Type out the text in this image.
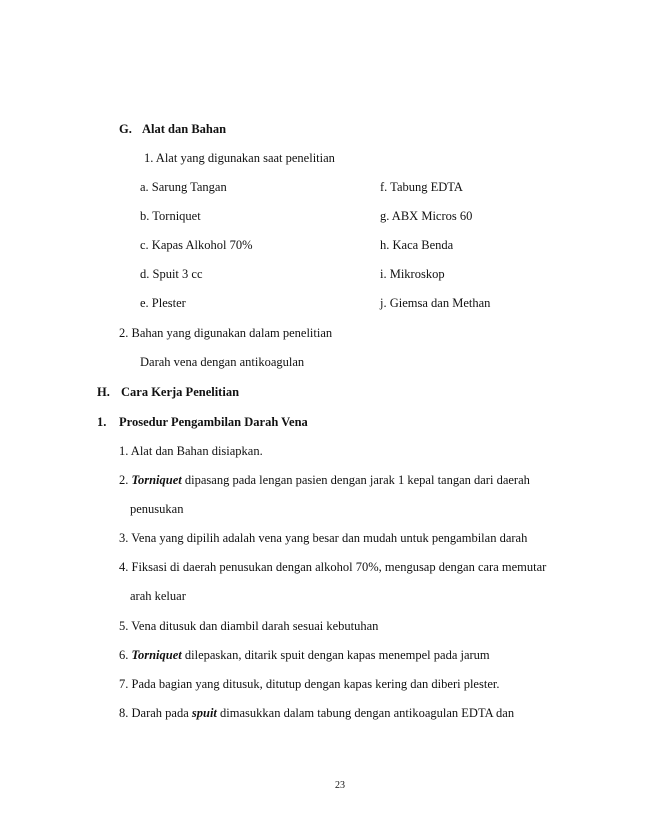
G. Alat dan Bahan
1. Alat yang digunakan saat penelitian
a. Sarung Tangan
b. Torniquet
c. Kapas Alkohol 70%
d. Spuit 3 cc
e. Plester
f. Tabung EDTA
g. ABX Micros 60
h. Kaca Benda
i. Mikroskop
j. Giemsa dan Methan
2. Bahan yang digunakan dalam penelitian
Darah vena dengan antikoagulan
H. Cara Kerja Penelitian
1. Prosedur Pengambilan Darah Vena
1. Alat dan Bahan disiapkan.
2. Torniquet dipasang pada lengan pasien dengan jarak 1 kepal tangan dari daerah
penusukan
3. Vena yang dipilih adalah vena yang besar dan mudah untuk pengambilan darah
4. Fiksasi di daerah penusukan dengan alkohol 70%, mengusap dengan cara memutar
arah keluar
5. Vena ditusuk dan diambil darah sesuai kebutuhan
6. Torniquet dilepaskan, ditarik spuit dengan kapas menempel pada jarum
7. Pada bagian yang ditusuk, ditutup dengan kapas kering dan diberi plester.
8. Darah pada spuit dimasukkan dalam tabung dengan antikoagulan EDTA dan
23
